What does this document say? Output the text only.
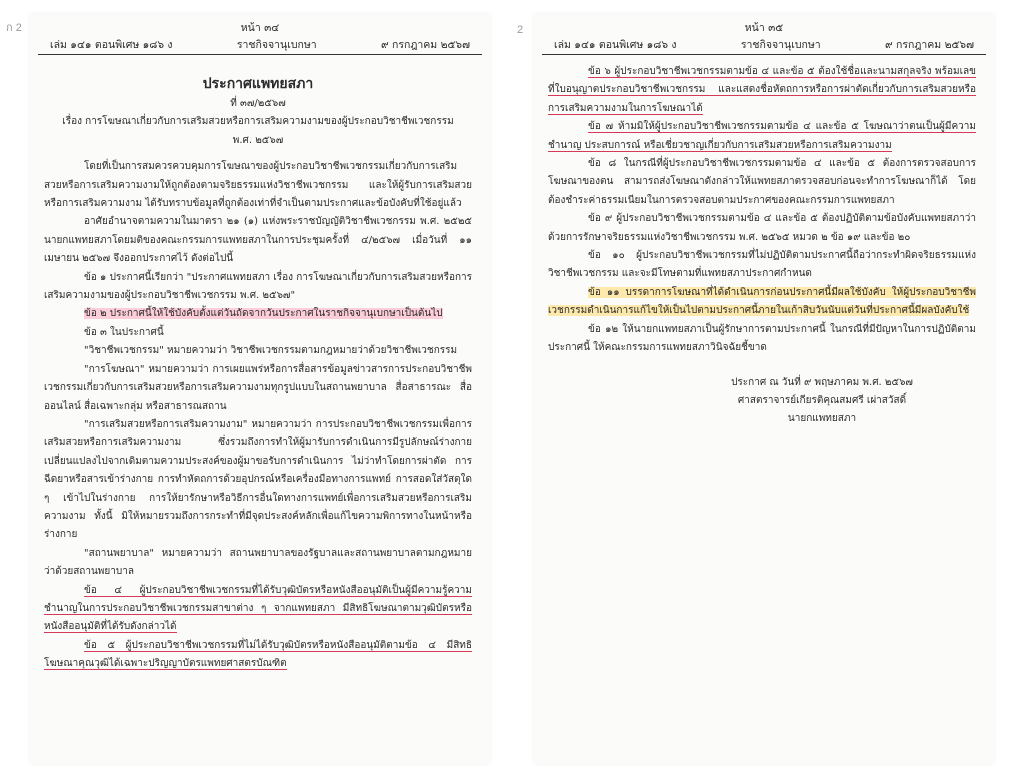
ก 2	2
หน้า ๓๔
เล่ม ๑๔๑ ตอนพิเศษ ๑๘๖ ง	ราชกิจจานุเบกษา	๙ กรกฎาคม ๒๕๖๗
ประกาศแพทยสภา
ที่ ๓๗/๒๕๖๗
เรื่อง การโฆษณาเกี่ยวกับการเสริมสวยหรือการเสริมความงามของผู้ประกอบวิชาชีพเวชกรรม
พ.ศ. ๒๕๖๗

โดยที่เป็นการสมควรควบคุมการโฆษณาของผู้ประกอบวิชาชีพเวชกรรมเกี่ยวกับการเสริมสวยหรือการเสริมความงามให้ถูกต้องตามจริยธรรมแห่งวิชาชีพเวชกรรม และให้ผู้รับการเสริมสวยหรือการเสริมความงาม ได้รับทราบข้อมูลที่ถูกต้องเท่าที่จำเป็นตามประกาศและข้อบังคับที่ใช้อยู่แล้ว

อาศัยอำนาจตามความในมาตรา ๒๑ (๑) แห่งพระราชบัญญัติวิชาชีพเวชกรรม พ.ศ. ๒๕๒๕ นายกแพทยสภาโดยมติของคณะกรรมการแพทยสภาในการประชุมครั้งที่ ๔/๒๕๖๗ เมื่อวันที่ ๑๑ เมษายน ๒๕๖๗ จึงออกประกาศไว้ ดังต่อไปนี้

ข้อ ๑ ประกาศนี้เรียกว่า "ประกาศแพทยสภา เรื่อง การโฆษณาเกี่ยวกับการเสริมสวยหรือการเสริมความงามของผู้ประกอบวิชาชีพเวชกรรม พ.ศ. ๒๕๖๗"

ข้อ ๒ ประกาศนี้ให้ใช้บังคับตั้งแต่วันถัดจากวันประกาศในราชกิจจานุเบกษาเป็นต้นไป

ข้อ ๓ ในประกาศนี้

"วิชาชีพเวชกรรม" หมายความว่า วิชาชีพเวชกรรมตามกฎหมายว่าด้วยวิชาชีพเวชกรรม

"การโฆษณา" หมายความว่า การเผยแพร่หรือการสื่อสารข้อมูลข่าวสารการประกอบวิชาชีพเวชกรรมเกี่ยวกับการเสริมสวยหรือการเสริมความงามทุกรูปแบบในสถานพยาบาล สื่อสาธารณะ สื่อออนไลน์ สื่อเฉพาะกลุ่ม หรือสาธารณสถาน

"การเสริมสวยหรือการเสริมความงาม" หมายความว่า การประกอบวิชาชีพเวชกรรมเพื่อการเสริมสวยหรือการเสริมความงาม ซึ่งรวมถึงการทำให้ผู้มารับการดำเนินการมีรูปลักษณ์ร่างกายเปลี่ยนแปลงไปจากเดิมตามความประสงค์ของผู้มาขอรับการดำเนินการ ไม่ว่าทำโดยการผ่าตัด การฉีดยาหรือสารเข้าร่างกาย การทำหัตถการด้วยอุปกรณ์หรือเครื่องมือทางการแพทย์ การสอดใส่วัสดุใด ๆ เข้าไปในร่างกาย การให้ยารักษาหรือวิธีการอื่นใดทางการแพทย์เพื่อการเสริมสวยหรือการเสริมความงาม ทั้งนี้ มิให้หมายรวมถึงการกระทำที่มีจุดประสงค์หลักเพื่อแก้ไขความพิการทางในหน้าหรือร่างกาย

"สถานพยาบาล" หมายความว่า สถานพยาบาลของรัฐบาลและสถานพยาบาลตามกฎหมายว่าด้วยสถานพยาบาล

ข้อ ๔ ผู้ประกอบวิชาชีพเวชกรรมที่ได้รับวุฒิบัตรหรือหนังสืออนุมัติเป็นผู้มีความรู้ความชำนาญในการประกอบวิชาชีพเวชกรรมสาขาต่าง ๆ จากแพทยสภา มีสิทธิโฆษณาตามวุฒิบัตรหรือหนังสืออนุมัติที่ได้รับดังกล่าวได้

ข้อ ๕ ผู้ประกอบวิชาชีพเวชกรรมที่ไม่ได้รับวุฒิบัตรหรือหนังสืออนุมัติตามข้อ ๔ มีสิทธิโฆษณาคุณวุฒิได้เฉพาะปริญญาบัตรแพทยศาสตรบัณฑิต

หน้า ๓๕
เล่ม ๑๔๑ ตอนพิเศษ ๑๘๖ ง	ราชกิจจานุเบกษา	๙ กรกฎาคม ๒๕๖๗

ข้อ ๖ ผู้ประกอบวิชาชีพเวชกรรมตามข้อ ๔ และข้อ ๕ ต้องใช้ชื่อและนามสกุลจริง พร้อมเลขที่ใบอนุญาตประกอบวิชาชีพเวชกรรม และแสดงชื่อหัตถการหรือการผ่าตัดเกี่ยวกับการเสริมสวยหรือการเสริมความงามในการโฆษณาได้

ข้อ ๗ ห้ามมิให้ผู้ประกอบวิชาชีพเวชกรรมตามข้อ ๔ และข้อ ๕ โฆษณาว่าตนเป็นผู้มีความชำนาญ ประสบการณ์ หรือเชี่ยวชาญเกี่ยวกับการเสริมสวยหรือการเสริมความงาม

ข้อ ๘ ในกรณีที่ผู้ประกอบวิชาชีพเวชกรรมตามข้อ ๔ และข้อ ๕ ต้องการตรวจสอบการโฆษณาของตน สามารถส่งโฆษณาดังกล่าวให้แพทยสภาตรวจสอบก่อนจะทำการโฆษณาก็ได้ โดยต้องชำระค่าธรรมเนียมในการตรวจสอบตามประกาศของคณะกรรมการแพทยสภา

ข้อ ๙ ผู้ประกอบวิชาชีพเวชกรรมตามข้อ ๔ และข้อ ๕ ต้องปฏิบัติตามข้อบังคับแพทยสภาว่าด้วยการรักษาจริยธรรมแห่งวิชาชีพเวชกรรม พ.ศ. ๒๕๖๕ หมวด ๒ ข้อ ๑๙ และข้อ ๒๐

ข้อ ๑๐ ผู้ประกอบวิชาชีพเวชกรรมที่ไม่ปฏิบัติตามประกาศนี้ถือว่ากระทำผิดจริยธรรมแห่งวิชาชีพเวชกรรม และจะมีโทษตามที่แพทยสภาประกาศกำหนด

ข้อ ๑๑ บรรดาการโฆษณาที่ได้ดำเนินการก่อนประกาศนี้มีผลใช้บังคับ ให้ผู้ประกอบวิชาชีพเวชกรรมดำเนินการแก้ไขให้เป็นไปตามประกาศนี้ภายในเก้าสิบวันนับแต่วันที่ประกาศนี้มีผลบังคับใช้

ข้อ ๑๒ ให้นายกแพทยสภาเป็นผู้รักษาการตามประกาศนี้ ในกรณีที่มีปัญหาในการปฏิบัติตามประกาศนี้ ให้คณะกรรมการแพทยสภาวินิจฉัยชี้ขาด

ประกาศ ณ วันที่ ๙ พฤษภาคม พ.ศ. ๒๕๖๗
ศาสตราจารย์เกียรติคุณสมศรี เผ่าสวัสดิ์
นายกแพทยสภา
